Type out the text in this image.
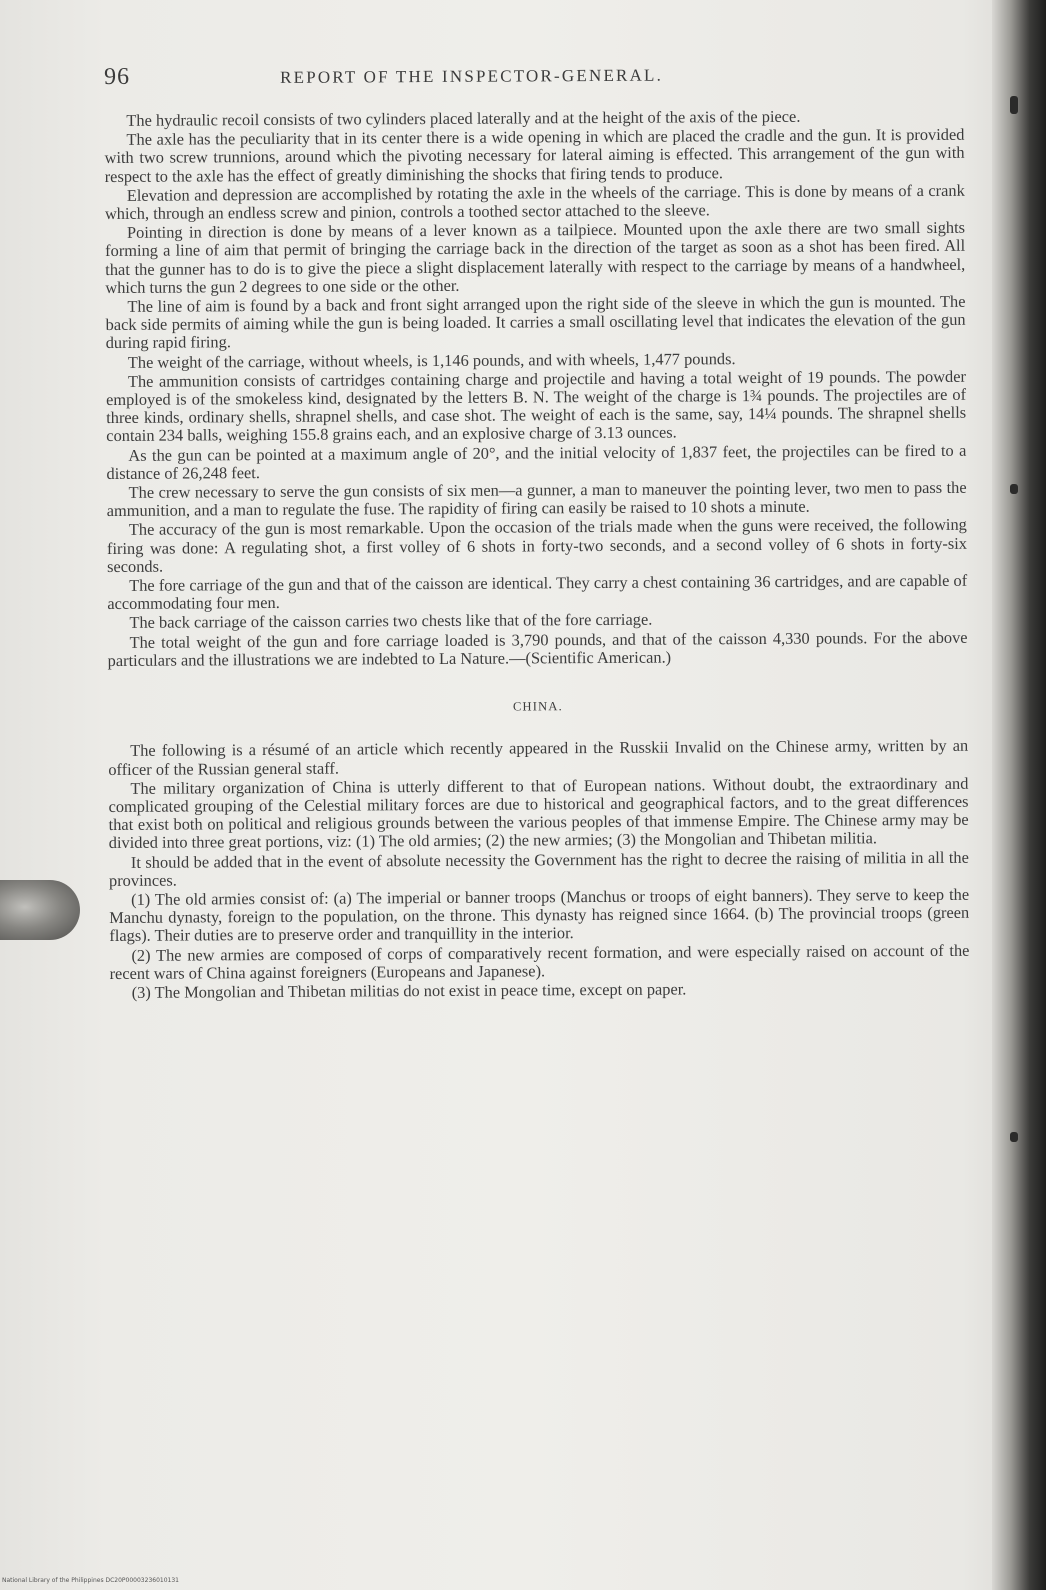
96	REPORT OF THE INSPECTOR-GENERAL.

The hydraulic recoil consists of two cylinders placed laterally and at the height of the axis of the piece.

The axle has the peculiarity that in its center there is a wide opening in which are placed the cradle and the gun. It is provided with two screw trunnions, around which the pivoting necessary for lateral aiming is effected. This arrangement of the gun with respect to the axle has the effect of greatly diminishing the shocks that firing tends to produce.

Elevation and depression are accomplished by rotating the axle in the wheels of the carriage. This is done by means of a crank which, through an endless screw and pinion, controls a toothed sector attached to the sleeve.

Pointing in direction is done by means of a lever known as a tailpiece. Mounted upon the axle there are two small sights forming a line of aim that permit of bringing the carriage back in the direction of the target as soon as a shot has been fired. All that the gunner has to do is to give the piece a slight displacement laterally with respect to the carriage by means of a handwheel, which turns the gun 2 degrees to one side or the other.

The line of aim is found by a back and front sight arranged upon the right side of the sleeve in which the gun is mounted. The back side permits of aiming while the gun is being loaded. It carries a small oscillating level that indicates the elevation of the gun during rapid firing.

The weight of the carriage, without wheels, is 1,146 pounds, and with wheels, 1,477 pounds.

The ammunition consists of cartridges containing charge and projectile and having a total weight of 19 pounds. The powder employed is of the smokeless kind, designated by the letters B. N. The weight of the charge is 1¾ pounds. The projectiles are of three kinds, ordinary shells, shrapnel shells, and case shot. The weight of each is the same, say, 14¼ pounds. The shrapnel shells contain 234 balls, weighing 155.8 grains each, and an explosive charge of 3.13 ounces.

As the gun can be pointed at a maximum angle of 20°, and the initial velocity of 1,837 feet, the projectiles can be fired to a distance of 26,248 feet.

The crew necessary to serve the gun consists of six men—a gunner, a man to maneuver the pointing lever, two men to pass the ammunition, and a man to regulate the fuse. The rapidity of firing can easily be raised to 10 shots a minute.

The accuracy of the gun is most remarkable. Upon the occasion of the trials made when the guns were received, the following firing was done: A regulating shot, a first volley of 6 shots in forty-two seconds, and a second volley of 6 shots in forty-six seconds.

The fore carriage of the gun and that of the caisson are identical. They carry a chest containing 36 cartridges, and are capable of accommodating four men.

The back carriage of the caisson carries two chests like that of the fore carriage.

The total weight of the gun and fore carriage loaded is 3,790 pounds, and that of the caisson 4,330 pounds. For the above particulars and the illustrations we are indebted to La Nature.—(Scientific American.)

CHINA.

The following is a résumé of an article which recently appeared in the Russkii Invalid on the Chinese army, written by an officer of the Russian general staff.

The military organization of China is utterly different to that of European nations. Without doubt, the extraordinary and complicated grouping of the Celestial military forces are due to historical and geographical factors, and to the great differences that exist both on political and religious grounds between the various peoples of that immense Empire. The Chinese army may be divided into three great portions, viz: (1) The old armies; (2) the new armies; (3) the Mongolian and Thibetan militia.

It should be added that in the event of absolute necessity the Government has the right to decree the raising of militia in all the provinces.

(1) The old armies consist of: (a) The imperial or banner troops (Manchus or troops of eight banners). They serve to keep the Manchu dynasty, foreign to the population, on the throne. This dynasty has reigned since 1664. (b) The provincial troops (green flags). Their duties are to preserve order and tranquillity in the interior.

(2) The new armies are composed of corps of comparatively recent formation, and were especially raised on account of the recent wars of China against foreigners (Europeans and Japanese).

(3) The Mongolian and Thibetan militias do not exist in peace time, except on paper.

National Library of the Philippines DC20P00003236010131
